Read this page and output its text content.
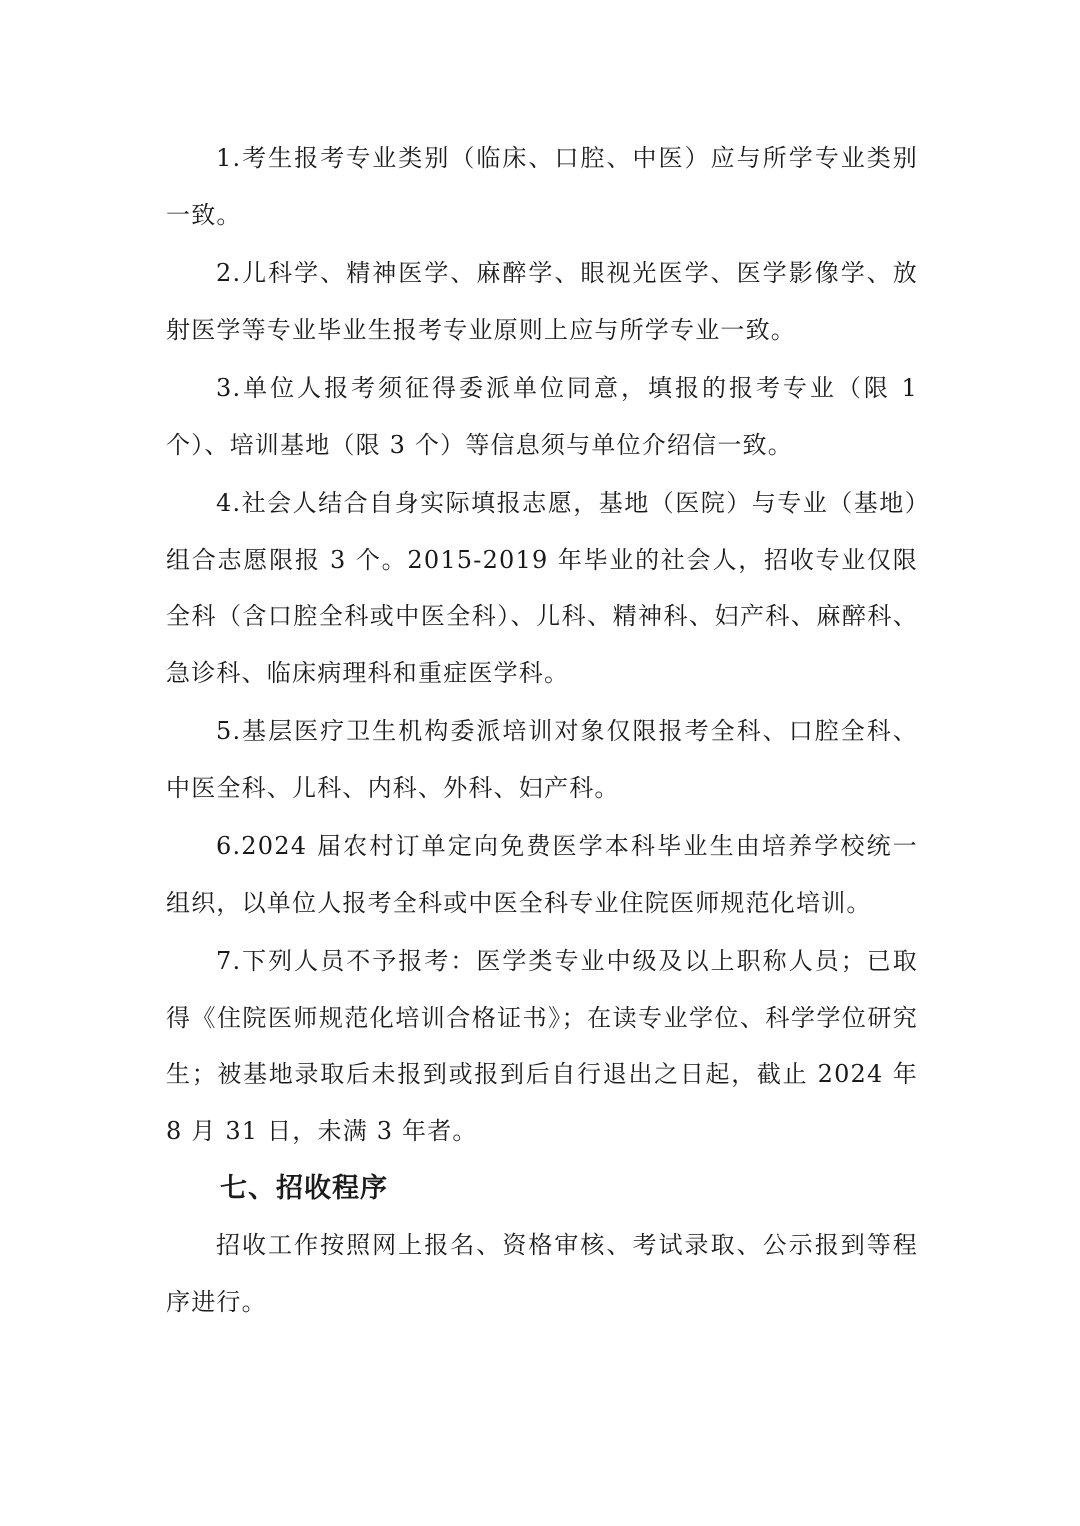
1.考生报考专业类别（临床、口腔、中医）应与所学专业类别一致。

2.儿科学、精神医学、麻醉学、眼视光医学、医学影像学、放射医学等专业毕业生报考专业原则上应与所学专业一致。

3.单位人报考须征得委派单位同意，填报的报考专业（限 1 个）、培训基地（限 3 个）等信息须与单位介绍信一致。

4.社会人结合自身实际填报志愿，基地（医院）与专业（基地）组合志愿限报 3 个。2015-2019 年毕业的社会人，招收专业仅限全科（含口腔全科或中医全科）、儿科、精神科、妇产科、麻醉科、急诊科、临床病理科和重症医学科。

5.基层医疗卫生机构委派培训对象仅限报考全科、口腔全科、中医全科、儿科、内科、外科、妇产科。

6.2024 届农村订单定向免费医学本科毕业生由培养学校统一组织，以单位人报考全科或中医全科专业住院医师规范化培训。

7.下列人员不予报考：医学类专业中级及以上职称人员；已取得《住院医师规范化培训合格证书》；在读专业学位、科学学位研究生；被基地录取后未报到或报到后自行退出之日起，截止 2024 年 8 月 31 日，未满 3 年者。

七、招收程序

招收工作按照网上报名、资格审核、考试录取、公示报到等程序进行。
